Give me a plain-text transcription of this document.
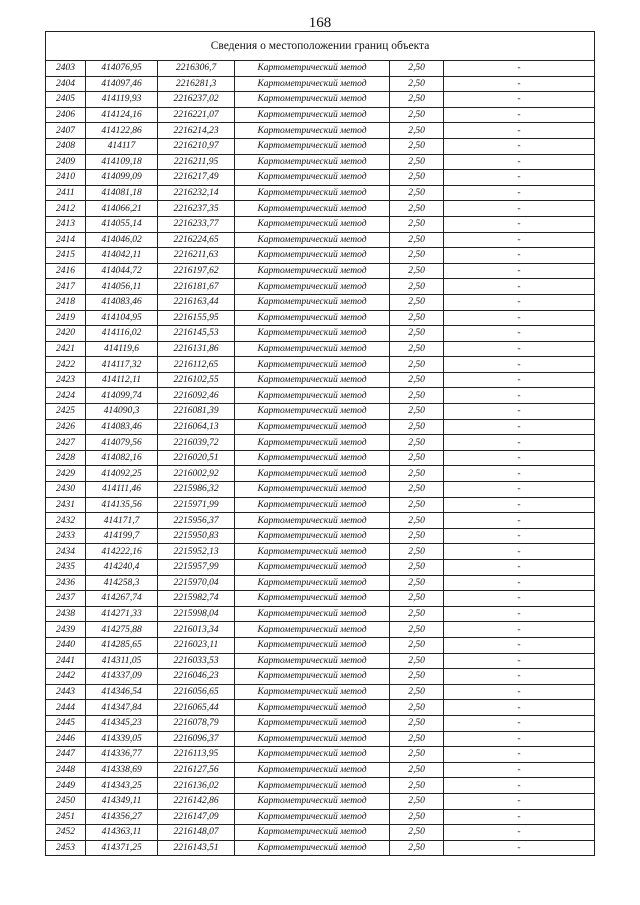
168
Сведения о местоположении границ объекта					
2403	414076,95	2216306,7	Картометрический метод	2,50	-
2404	414097,46	2216281,3	Картометрический метод	2,50	-
2405	414119,93	2216237,02	Картометрический метод	2,50	-
2406	414124,16	2216221,07	Картометрический метод	2,50	-
2407	414122,86	2216214,23	Картометрический метод	2,50	-
2408	414117	2216210,97	Картометрический метод	2,50	-
2409	414109,18	2216211,95	Картометрический метод	2,50	-
2410	414099,09	2216217,49	Картометрический метод	2,50	-
2411	414081,18	2216232,14	Картометрический метод	2,50	-
2412	414066,21	2216237,35	Картометрический метод	2,50	-
2413	414055,14	2216233,77	Картометрический метод	2,50	-
2414	414046,02	2216224,65	Картометрический метод	2,50	-
2415	414042,11	2216211,63	Картометрический метод	2,50	-
2416	414044,72	2216197,62	Картометрический метод	2,50	-
2417	414056,11	2216181,67	Картометрический метод	2,50	-
2418	414083,46	2216163,44	Картометрический метод	2,50	-
2419	414104,95	2216155,95	Картометрический метод	2,50	-
2420	414116,02	2216145,53	Картометрический метод	2,50	-
2421	414119,6	2216131,86	Картометрический метод	2,50	-
2422	414117,32	2216112,65	Картометрический метод	2,50	-
2423	414112,11	2216102,55	Картометрический метод	2,50	-
2424	414099,74	2216092,46	Картометрический метод	2,50	-
2425	414090,3	2216081,39	Картометрический метод	2,50	-
2426	414083,46	2216064,13	Картометрический метод	2,50	-
2427	414079,56	2216039,72	Картометрический метод	2,50	-
2428	414082,16	2216020,51	Картометрический метод	2,50	-
2429	414092,25	2216002,92	Картометрический метод	2,50	-
2430	414111,46	2215986,32	Картометрический метод	2,50	-
2431	414135,56	2215971,99	Картометрический метод	2,50	-
2432	414171,7	2215956,37	Картометрический метод	2,50	-
2433	414199,7	2215950,83	Картометрический метод	2,50	-
2434	414222,16	2215952,13	Картометрический метод	2,50	-
2435	414240,4	2215957,99	Картометрический метод	2,50	-
2436	414258,3	2215970,04	Картометрический метод	2,50	-
2437	414267,74	2215982,74	Картометрический метод	2,50	-
2438	414271,33	2215998,04	Картометрический метод	2,50	-
2439	414275,88	2216013,34	Картометрический метод	2,50	-
2440	414285,65	2216023,11	Картометрический метод	2,50	-
2441	414311,05	2216033,53	Картометрический метод	2,50	-
2442	414337,09	2216046,23	Картометрический метод	2,50	-
2443	414346,54	2216056,65	Картометрический метод	2,50	-
2444	414347,84	2216065,44	Картометрический метод	2,50	-
2445	414345,23	2216078,79	Картометрический метод	2,50	-
2446	414339,05	2216096,37	Картометрический метод	2,50	-
2447	414336,77	2216113,95	Картометрический метод	2,50	-
2448	414338,69	2216127,56	Картометрический метод	2,50	-
2449	414343,25	2216136,02	Картометрический метод	2,50	-
2450	414349,11	2216142,86	Картометрический метод	2,50	-
2451	414356,27	2216147,09	Картометрический метод	2,50	-
2452	414363,11	2216148,07	Картометрический метод	2,50	-
2453	414371,25	2216143,51	Картометрический метод	2,50	-
